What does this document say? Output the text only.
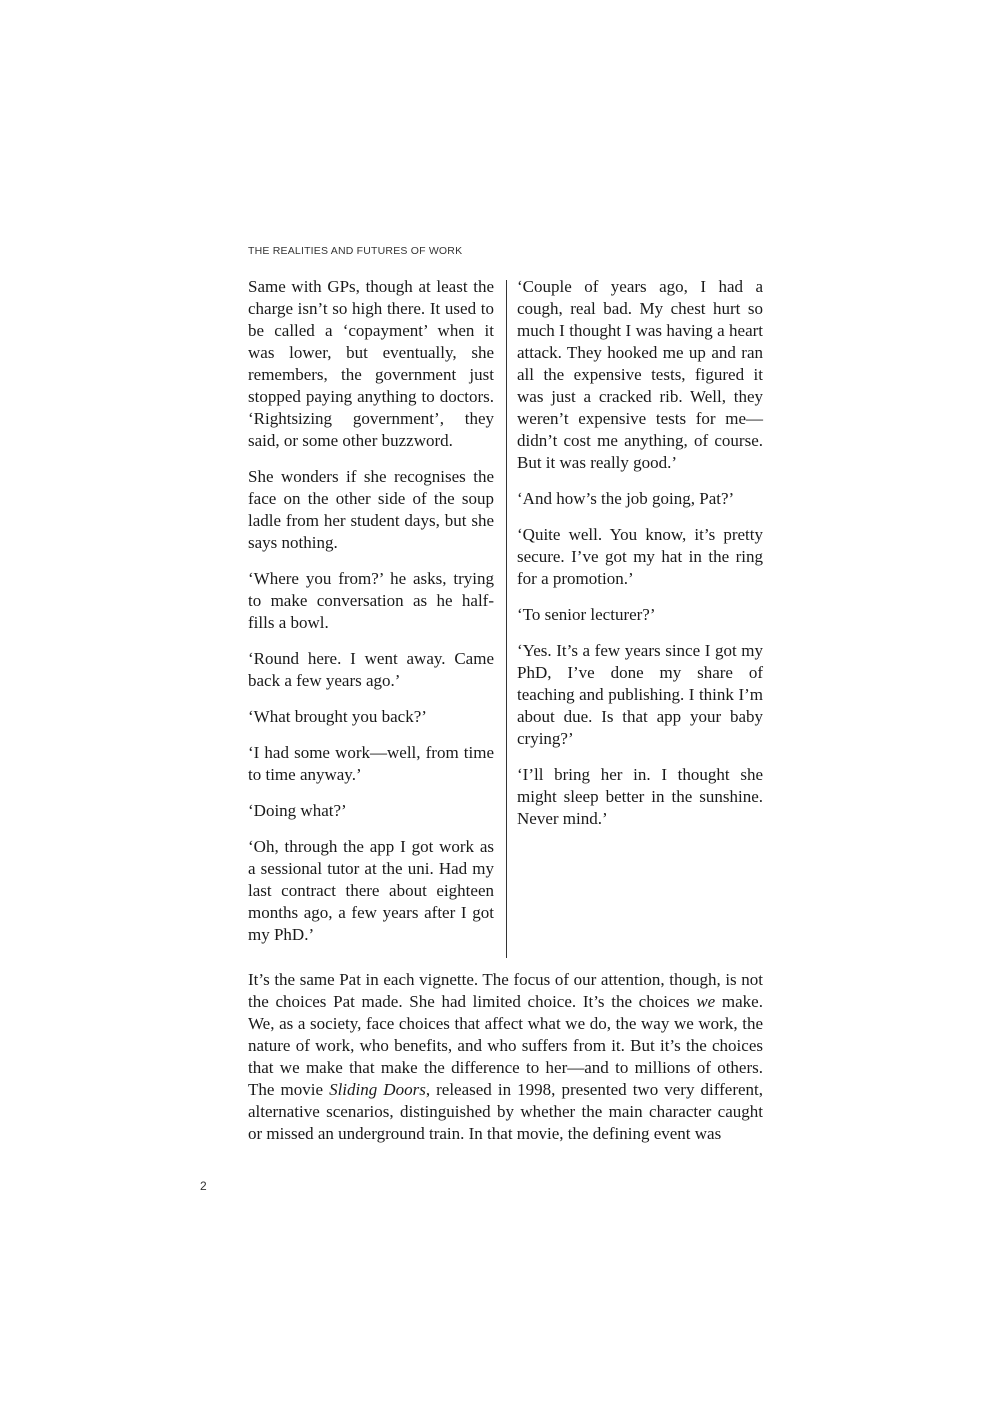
THE REALITIES AND FUTURES OF WORK

Same with GPs, though at least the charge isn’t so high there. It used to be called a ‘copayment’ when it was lower, but eventually, she remembers, the government just stopped paying anything to doctors. ‘Rightsizing government’, they said, or some other buzzword.

She wonders if she recognises the face on the other side of the soup ladle from her student days, but she says nothing.

‘Where you from?’ he asks, trying to make conversation as he half-fills a bowl.

‘Round here. I went away. Came back a few years ago.’

‘What brought you back?’

‘I had some work—well, from time to time anyway.’

‘Doing what?’

‘Oh, through the app I got work as a sessional tutor at the uni. Had my last contract there about eighteen months ago, a few years after I got my PhD.’

‘Couple of years ago, I had a cough, real bad. My chest hurt so much I thought I was having a heart attack. They hooked me up and ran all the expensive tests, figured it was just a cracked rib. Well, they weren’t expensive tests for me—didn’t cost me anything, of course. But it was really good.’

‘And how’s the job going, Pat?’

‘Quite well. You know, it’s pretty secure. I’ve got my hat in the ring for a promotion.’

‘To senior lecturer?’

‘Yes. It’s a few years since I got my PhD, I’ve done my share of teaching and publishing. I think I’m about due. Is that app your baby crying?’

‘I’ll bring her in. I thought she might sleep better in the sunshine. Never mind.’

It’s the same Pat in each vignette. The focus of our attention, though, is not the choices Pat made. She had limited choice. It’s the choices we make. We, as a society, face choices that affect what we do, the way we work, the nature of work, who benefits, and who suffers from it. But it’s the choices that we make that make the difference to her—and to millions of others. The movie Sliding Doors, released in 1998, presented two very different, alternative scenarios, distinguished by whether the main character caught or missed an underground train. In that movie, the defining event was

2
